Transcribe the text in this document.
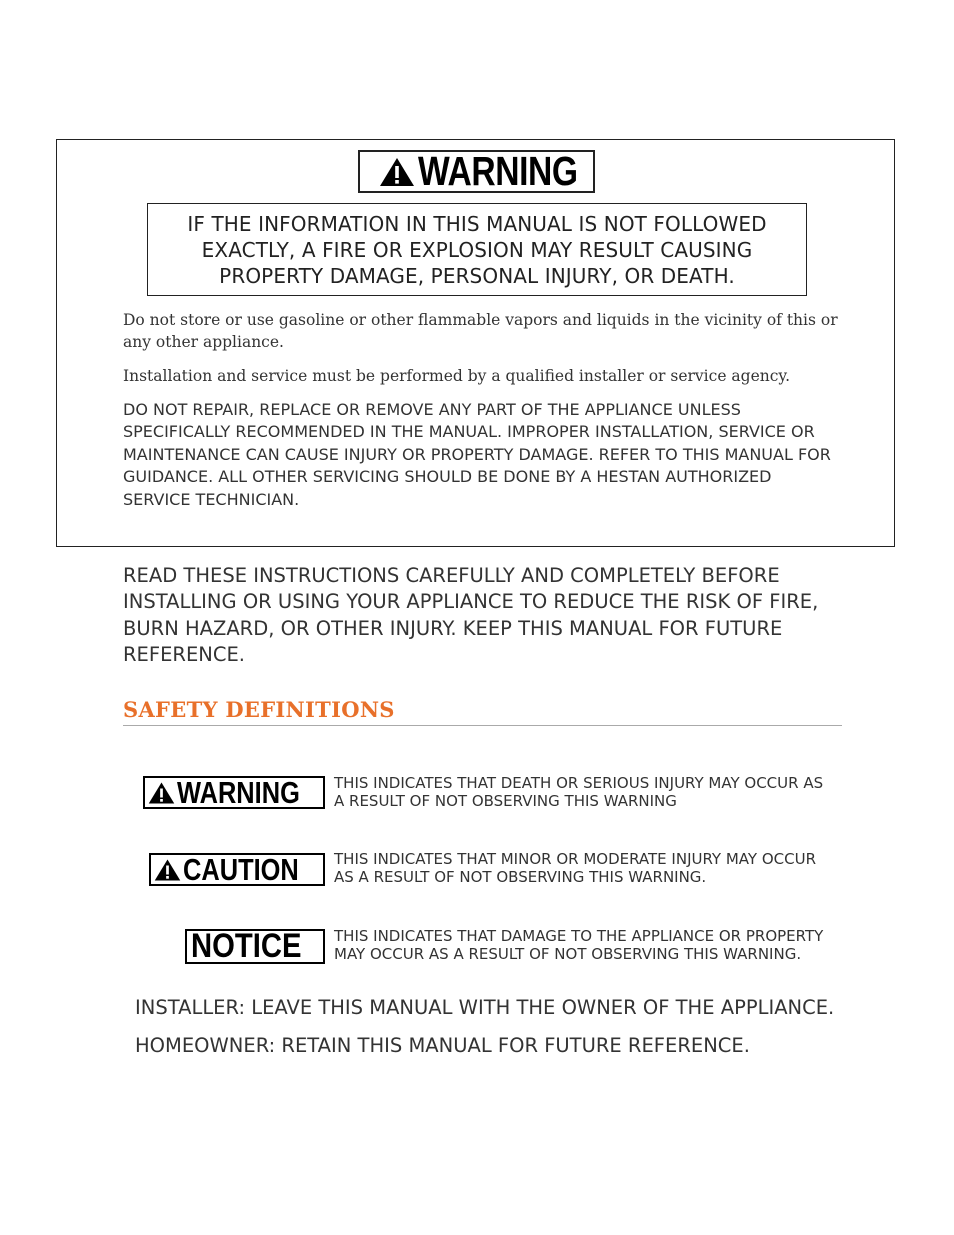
WARNING

IF THE INFORMATION IN THIS MANUAL IS NOT FOLLOWED EXACTLY, A FIRE OR EXPLOSION MAY RESULT CAUSING PROPERTY DAMAGE, PERSONAL INJURY, OR DEATH.

Do not store or use gasoline or other flammable vapors and liquids in the vicinity of this or any other appliance.

Installation and service must be performed by a qualified installer or service agency.

DO NOT REPAIR, REPLACE OR REMOVE ANY PART OF THE APPLIANCE UNLESS SPECIFICALLY RECOMMENDED IN THE MANUAL. IMPROPER INSTALLATION, SERVICE OR MAINTENANCE CAN CAUSE INJURY OR PROPERTY DAMAGE. REFER TO THIS MANUAL FOR GUIDANCE. ALL OTHER SERVICING SHOULD BE DONE BY A HESTAN AUTHORIZED SERVICE TECHNICIAN.

READ THESE INSTRUCTIONS CAREFULLY AND COMPLETELY BEFORE INSTALLING OR USING YOUR APPLIANCE TO REDUCE THE RISK OF FIRE, BURN HAZARD, OR OTHER INJURY. KEEP THIS MANUAL FOR FUTURE REFERENCE.

SAFETY DEFINITIONS
WARNING THIS INDICATES THAT DEATH OR SERIOUS INJURY MAY OCCUR AS A RESULT OF NOT OBSERVING THIS WARNING

CAUTION THIS INDICATES THAT MINOR OR MODERATE INJURY MAY OCCUR AS A RESULT OF NOT OBSERVING THIS WARNING.

NOTICE THIS INDICATES THAT DAMAGE TO THE APPLIANCE OR PROPERTY MAY OCCUR AS A RESULT OF NOT OBSERVING THIS WARNING.

INSTALLER: LEAVE THIS MANUAL WITH THE OWNER OF THE APPLIANCE.

HOMEOWNER: RETAIN THIS MANUAL FOR FUTURE REFERENCE.
